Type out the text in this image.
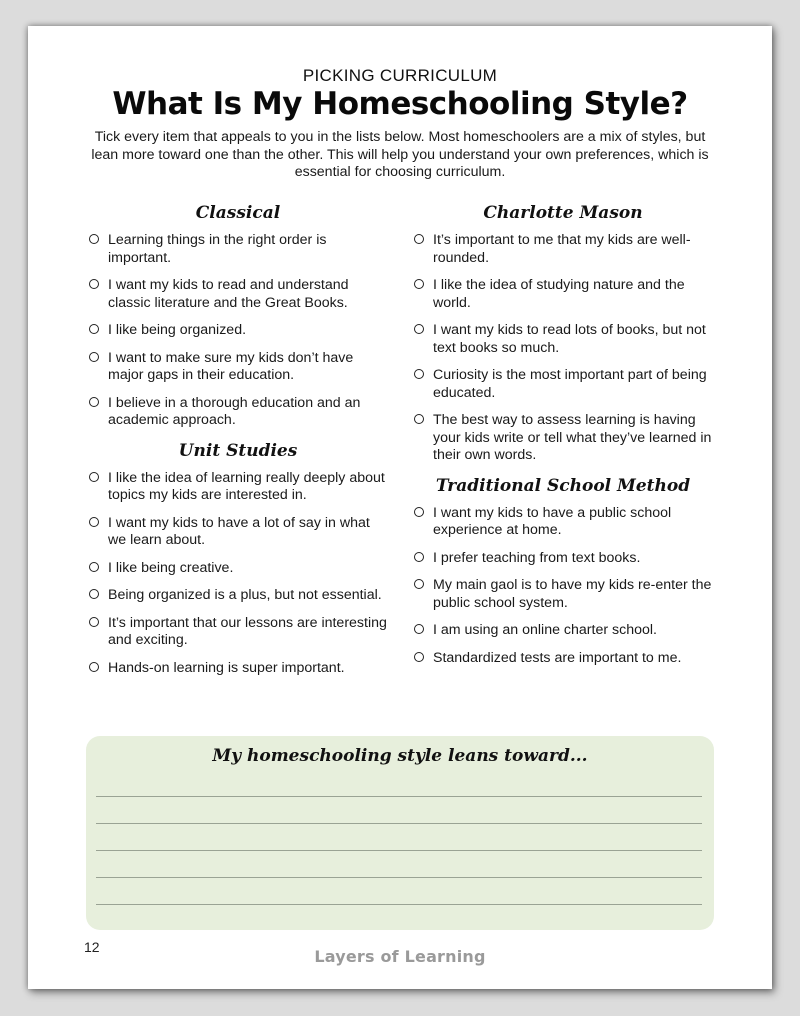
PICKING CURRICULUM
What Is My Homeschooling Style?
Tick every item that appeals to you in the lists below. Most homeschoolers are a mix of styles, but lean more toward one than the other. This will help you understand your own preferences, which is essential for choosing curriculum.
Classical
Learning things in the right order is important.
I want my kids to read and understand classic literature and the Great Books.
I like being organized.
I want to make sure my kids don’t have major gaps in their education.
I believe in a thorough education and an academic approach.
Unit Studies
I like the idea of learning really deeply about topics my kids are interested in.
I want my kids to have a lot of say in what we learn about.
I like being creative.
Being organized is a plus, but not essential.
It’s important that our lessons are interesting and exciting.
Hands-on learning is super important.
Charlotte Mason
It’s important to me that my kids are well-rounded.
I like the idea of studying nature and the world.
I want my kids to read lots of books, but not text books so much.
Curiosity is the most important part of being educated.
The best way to assess learning is having your kids write or tell what they’ve learned in their own words.
Traditional School Method
I want my kids to have a public school experience at home.
I prefer teaching from text books.
My main gaol is to have my kids re-enter the public school system.
I am using an online charter school.
Standardized tests are important to me.
My homeschooling style leans toward...
12	Layers of Learning
